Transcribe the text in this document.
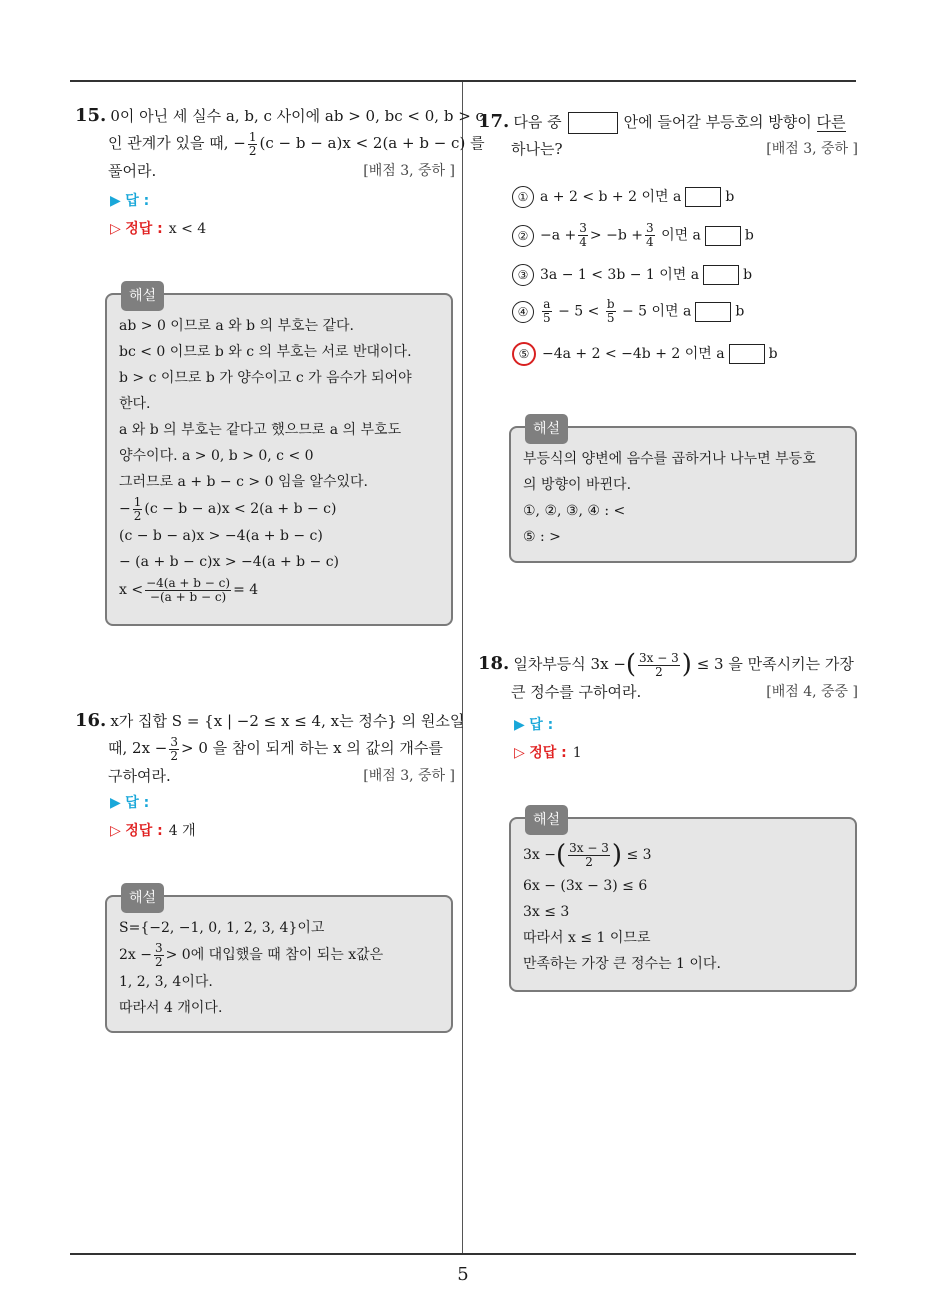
5
15. 0이 아닌 세 실수 a, b, c 사이에 ab > 0, bc < 0, b > c
인 관계가 있을 때, − $\frac{1}{2} (c - b - a)x < 2(a + b - c)$ 를
풀어라.	[배점 3, 중하 ]
▶ 답 :
▷ 정답 : x < 4
해설
ab > 0 이므로 a 와 b 의 부호는 같다.
bc < 0 이므로 b 와 c 의 부호는 서로 반대이다.
b > c 이므로 b 가 양수이고 c 가 음수가 되어야
한다.
a 와 b 의 부호는 같다고 했으므로 a 의 부호도
양수이다. a > 0, b > 0, c < 0
그러므로 a + b − c > 0 임을 알수있다.
− $\frac{1}{2} (c - b - a)x < 2(a + b - c)$
(c − b − a)x > −4(a + b − c)
− (a + b − c)x > −4(a + b − c)
$x < \frac{-4(a + b - c)}{-(a + b - c)} = 4$
16. x가 집합 S = {x | −2 ≤ x ≤ 4, x는 정수} 의 원소일
때, $2x - \frac{3}{2} > 0$ 을 참이 되게 하는 x 의 값의 개수를
구하여라.	[배점 3, 중하 ]
▶ 답 :
▷ 정답 : 4 개
해설
S={−2, −1, 0, 1, 2, 3, 4}이고
$2x - \frac{3}{2} > 0$에 대입했을 때 참이 되는 x값은
1, 2, 3, 4이다.
따라서 4 개이다.
17. 다음 중	안에 들어갈 부등호의 방향이 다른
하나는?	[배점 3, 중하 ]
① a + 2 < b + 2 이면 a	b
② $-a + \frac{3}{4} > -b + \frac{3}{4}$ 이면 a	b
③ 3a − 1 < 3b − 1 이면 a	b
④ $\frac{a}{5} - 5 < \frac{b}{5} - 5$ 이면 a	b
⑤ −4a + 2 < −4b + 2 이면 a	b
해설
부등식의 양변에 음수를 곱하거나 나누면 부등호
의 방향이 바뀐다.
①, ②, ③, ④ : <
⑤ : >
18. 일차부등식 3x −( $\frac{3x - 3}{2}$ ) ≤ 3 을 만족시키는 가장
큰 정수를 구하여라.	[배점 4, 중중 ]
▶ 답 :
▷ 정답 : 1
해설
3x −( $\frac{3x - 3}{2}$ ) ≤ 3
6x − (3x − 3) ≤ 6
3x ≤ 3
따라서 x ≤ 1 이므로
만족하는 가장 큰 정수는 1 이다.
